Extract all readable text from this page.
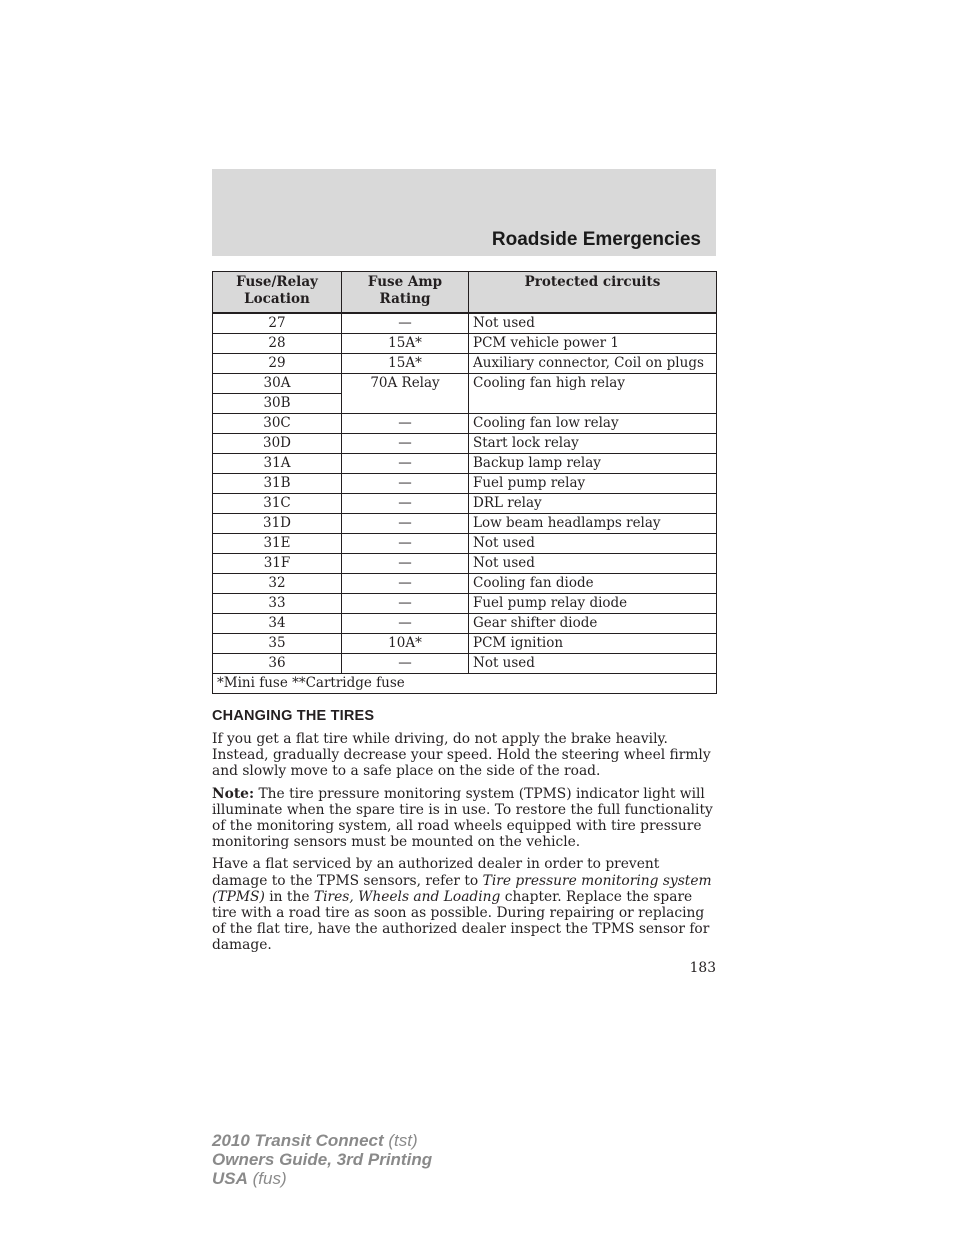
Roadside Emergencies
Fuse/Relay Location	Fuse Amp Rating	Protected circuits
27	—	Not used
28	15A*	PCM vehicle power 1
29	15A*	Auxiliary connector, Coil on plugs
30A	70A Relay	Cooling fan high relay
30B		
30C	—	Cooling fan low relay
30D	—	Start lock relay
31A	—	Backup lamp relay
31B	—	Fuel pump relay
31C	—	DRL relay
31D	—	Low beam headlamps relay
31E	—	Not used
31F	—	Not used
32	—	Cooling fan diode
33	—	Fuel pump relay diode
34	—	Gear shifter diode
35	10A*	PCM ignition
36	—	Not used
*Mini fuse **Cartridge fuse		
CHANGING THE TIRES

If you get a flat tire while driving, do not apply the brake heavily. Instead, gradually decrease your speed. Hold the steering wheel firmly and slowly move to a safe place on the side of the road.

Note: The tire pressure monitoring system (TPMS) indicator light will illuminate when the spare tire is in use. To restore the full functionality of the monitoring system, all road wheels equipped with tire pressure monitoring sensors must be mounted on the vehicle.

Have a flat serviced by an authorized dealer in order to prevent damage to the TPMS sensors, refer to Tire pressure monitoring system (TPMS) in the Tires, Wheels and Loading chapter. Replace the spare tire with a road tire as soon as possible. During repairing or replacing of the flat tire, have the authorized dealer inspect the TPMS sensor for damage.

183
2010 Transit Connect (tst)
Owners Guide, 3rd Printing
USA (fus)
